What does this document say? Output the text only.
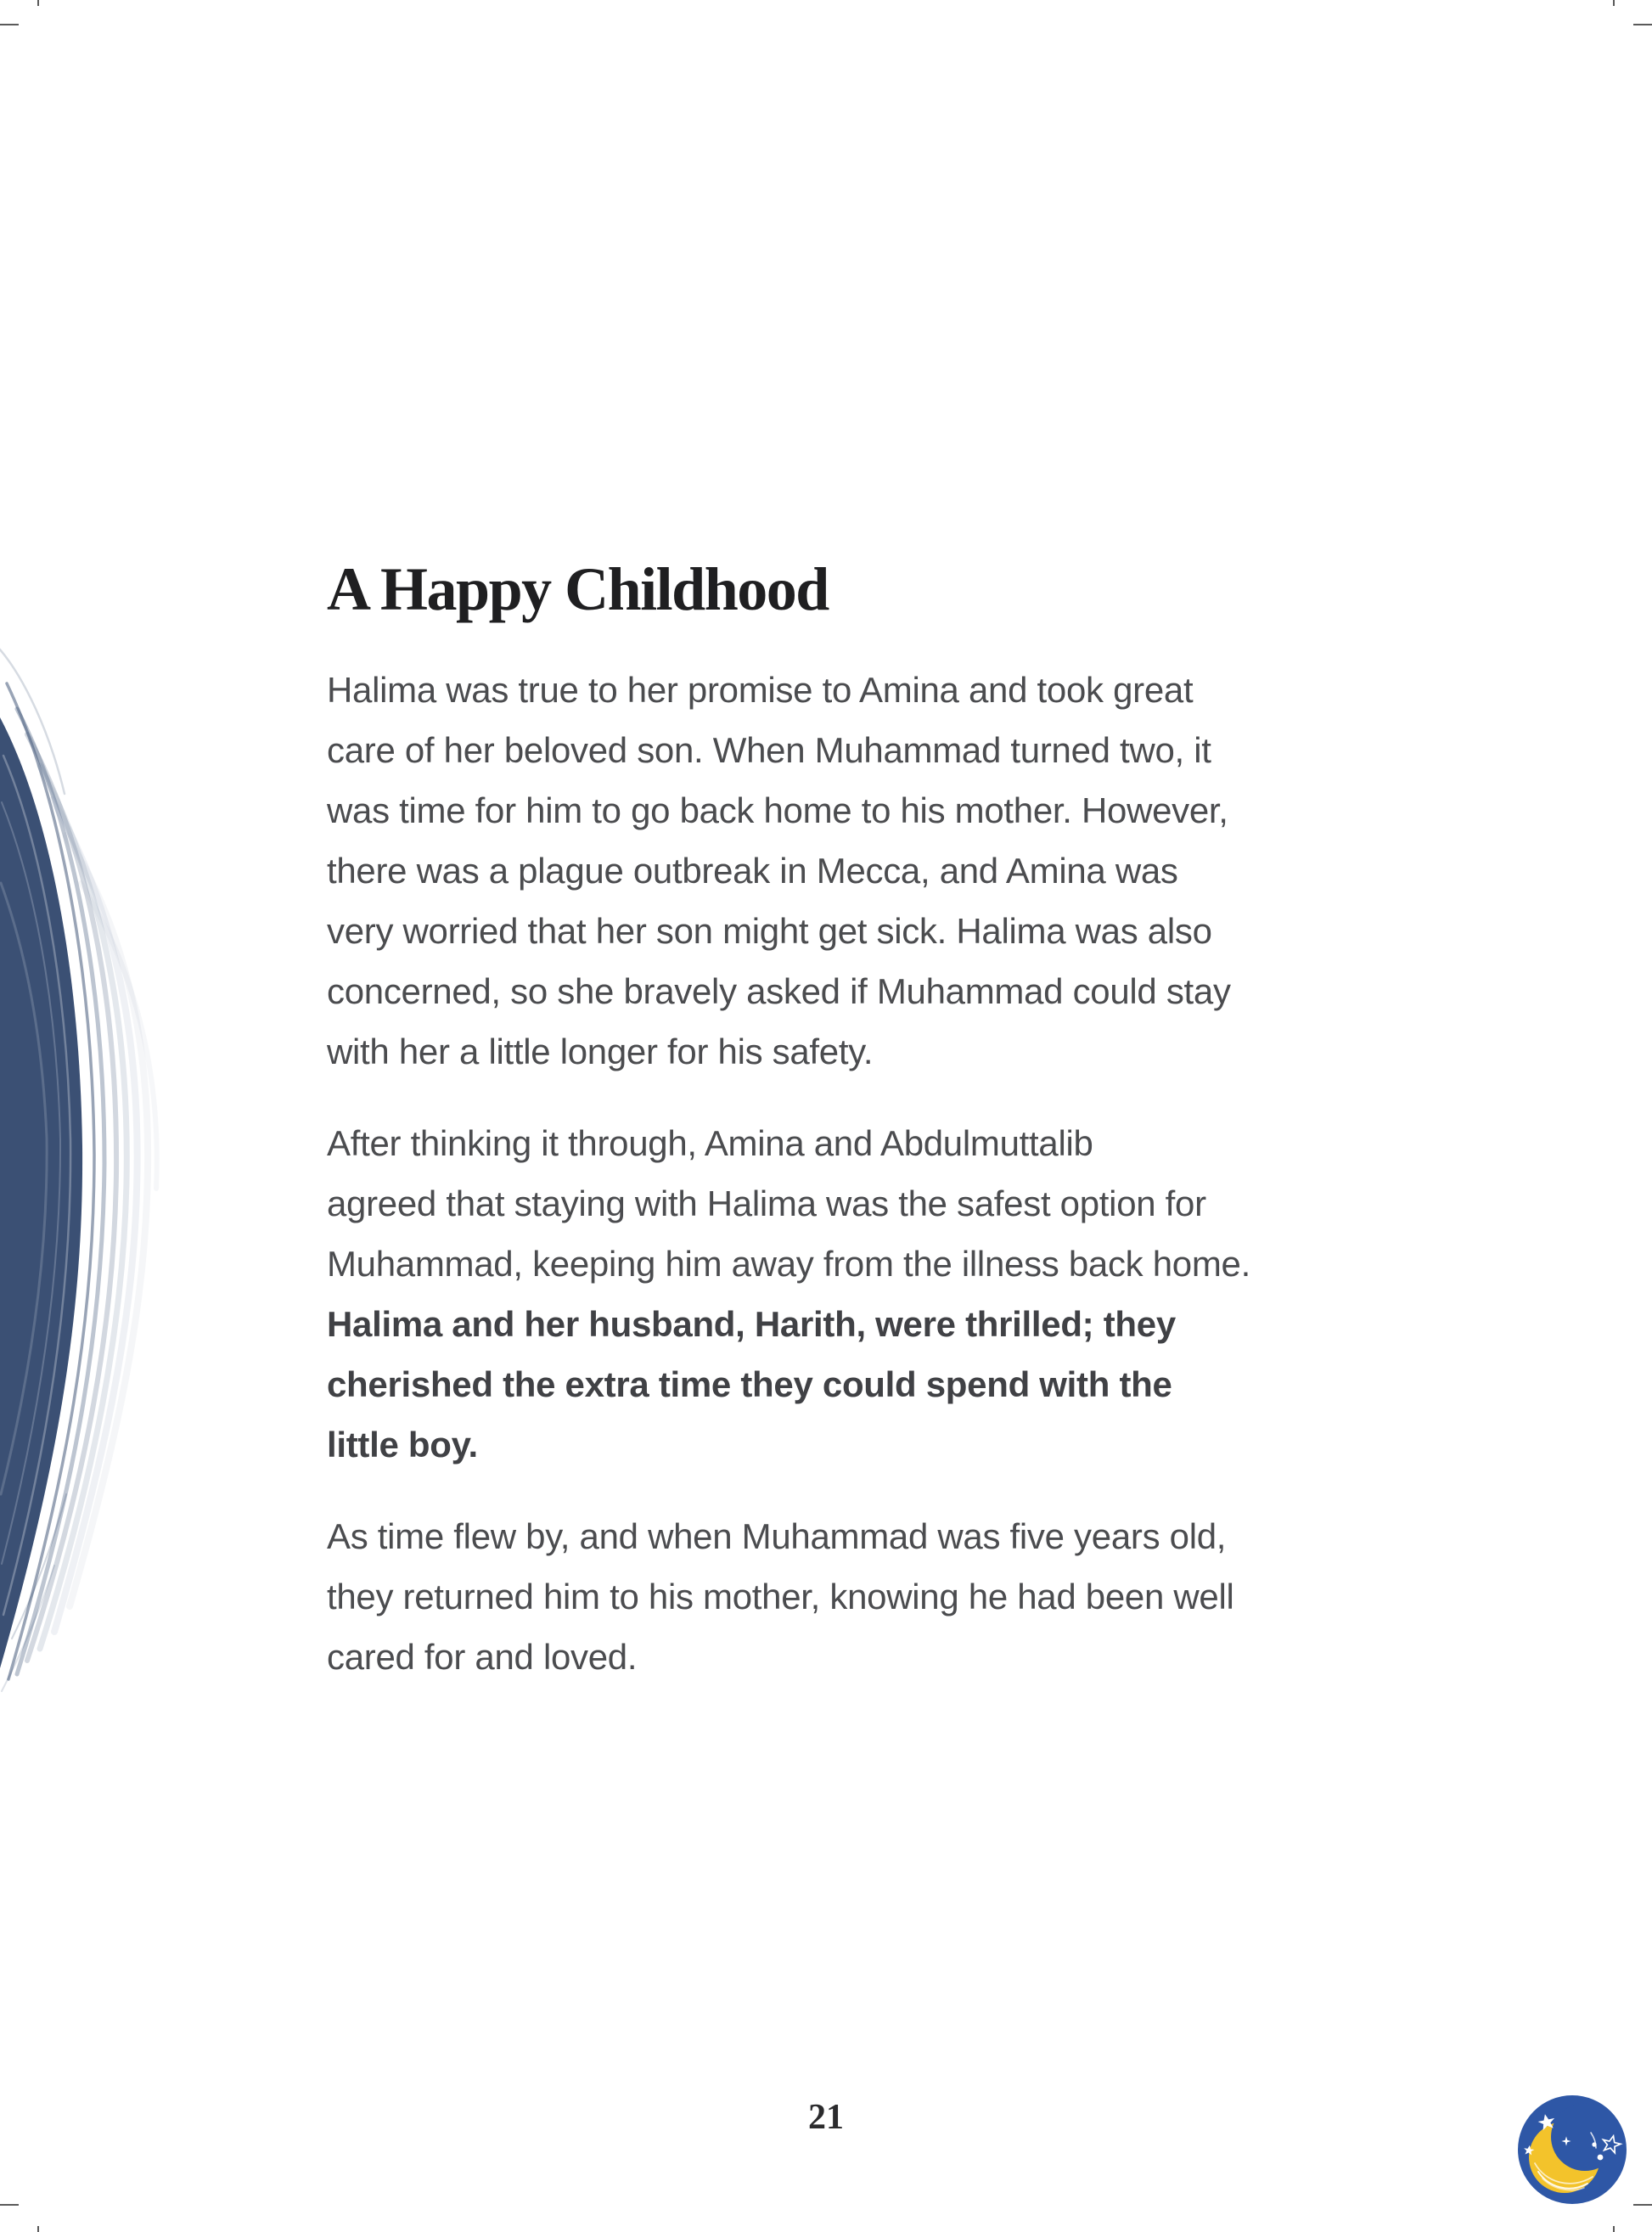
A Happy Childhood
Halima was true to her promise to Amina and took great
care of her beloved son. When Muhammad turned two, it
was time for him to go back home to his mother. However,
there was a plague outbreak in Mecca, and Amina was
very worried that her son might get sick. Halima was also
concerned, so she bravely asked if Muhammad could stay
with her a little longer for his safety.
After thinking it through, Amina and Abdulmuttalib
agreed that staying with Halima was the safest option for
Muhammad, keeping him away from the illness back home.
Halima and her husband, Harith, were thrilled; they
cherished the extra time they could spend with the
little boy.
As time flew by, and when Muhammad was five years old,
they returned him to his mother, knowing he had been well
cared for and loved.
21
